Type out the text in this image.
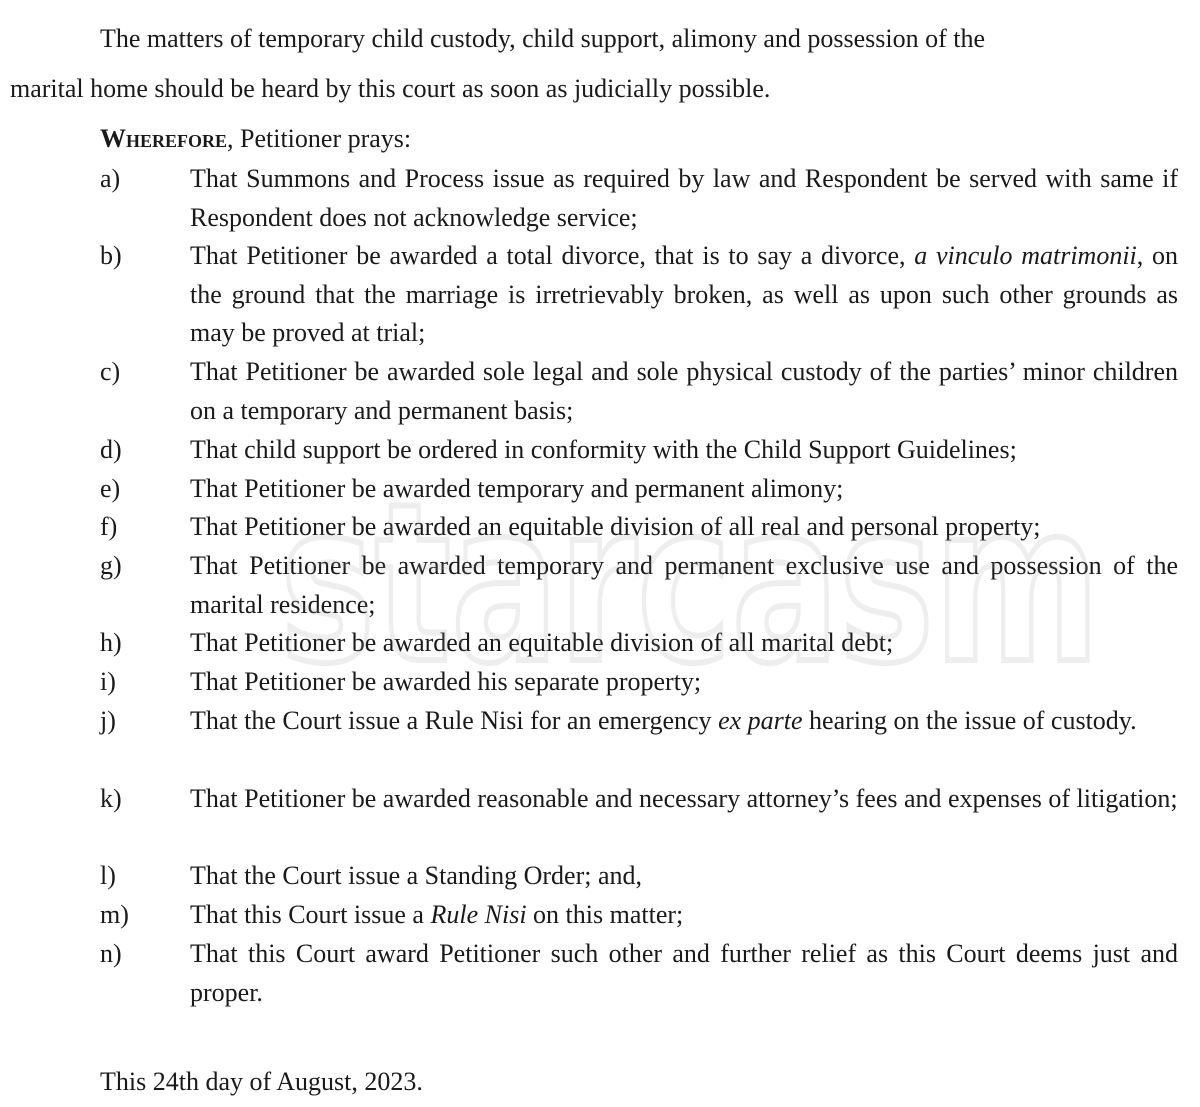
The matters of temporary child custody, child support, alimony and possession of the

marital home should be heard by this court as soon as judicially possible.

Wherefore, Petitioner prays:

a)	That Summons and Process issue as required by law and Respondent be served with same if Respondent does not acknowledge service;

b)	That Petitioner be awarded a total divorce, that is to say a divorce, a vinculo matrimonii, on the ground that the marriage is irretrievably broken, as well as upon such other grounds as may be proved at trial;

c)	That Petitioner be awarded sole legal and sole physical custody of the parties’ minor children on a temporary and permanent basis;

d)	That child support be ordered in conformity with the Child Support Guidelines;

e)	That Petitioner be awarded temporary and permanent alimony;

f)	That Petitioner be awarded an equitable division of all real and personal property;

g)	That Petitioner be awarded temporary and permanent exclusive use and possession of the marital residence;

h)	That Petitioner be awarded an equitable division of all marital debt;

i)	That Petitioner be awarded his separate property;

j)	That the Court issue a Rule Nisi for an emergency ex parte hearing on the issue of custody.

k)	That Petitioner be awarded reasonable and necessary attorney’s fees and expenses of litigation;

l)	That the Court issue a Standing Order; and,

m) That this Court issue a Rule Nisi on this matter;

n)	That this Court award Petitioner such other and further relief as this Court deems just and proper.

This 24th day of August, 2023.

starcasm
